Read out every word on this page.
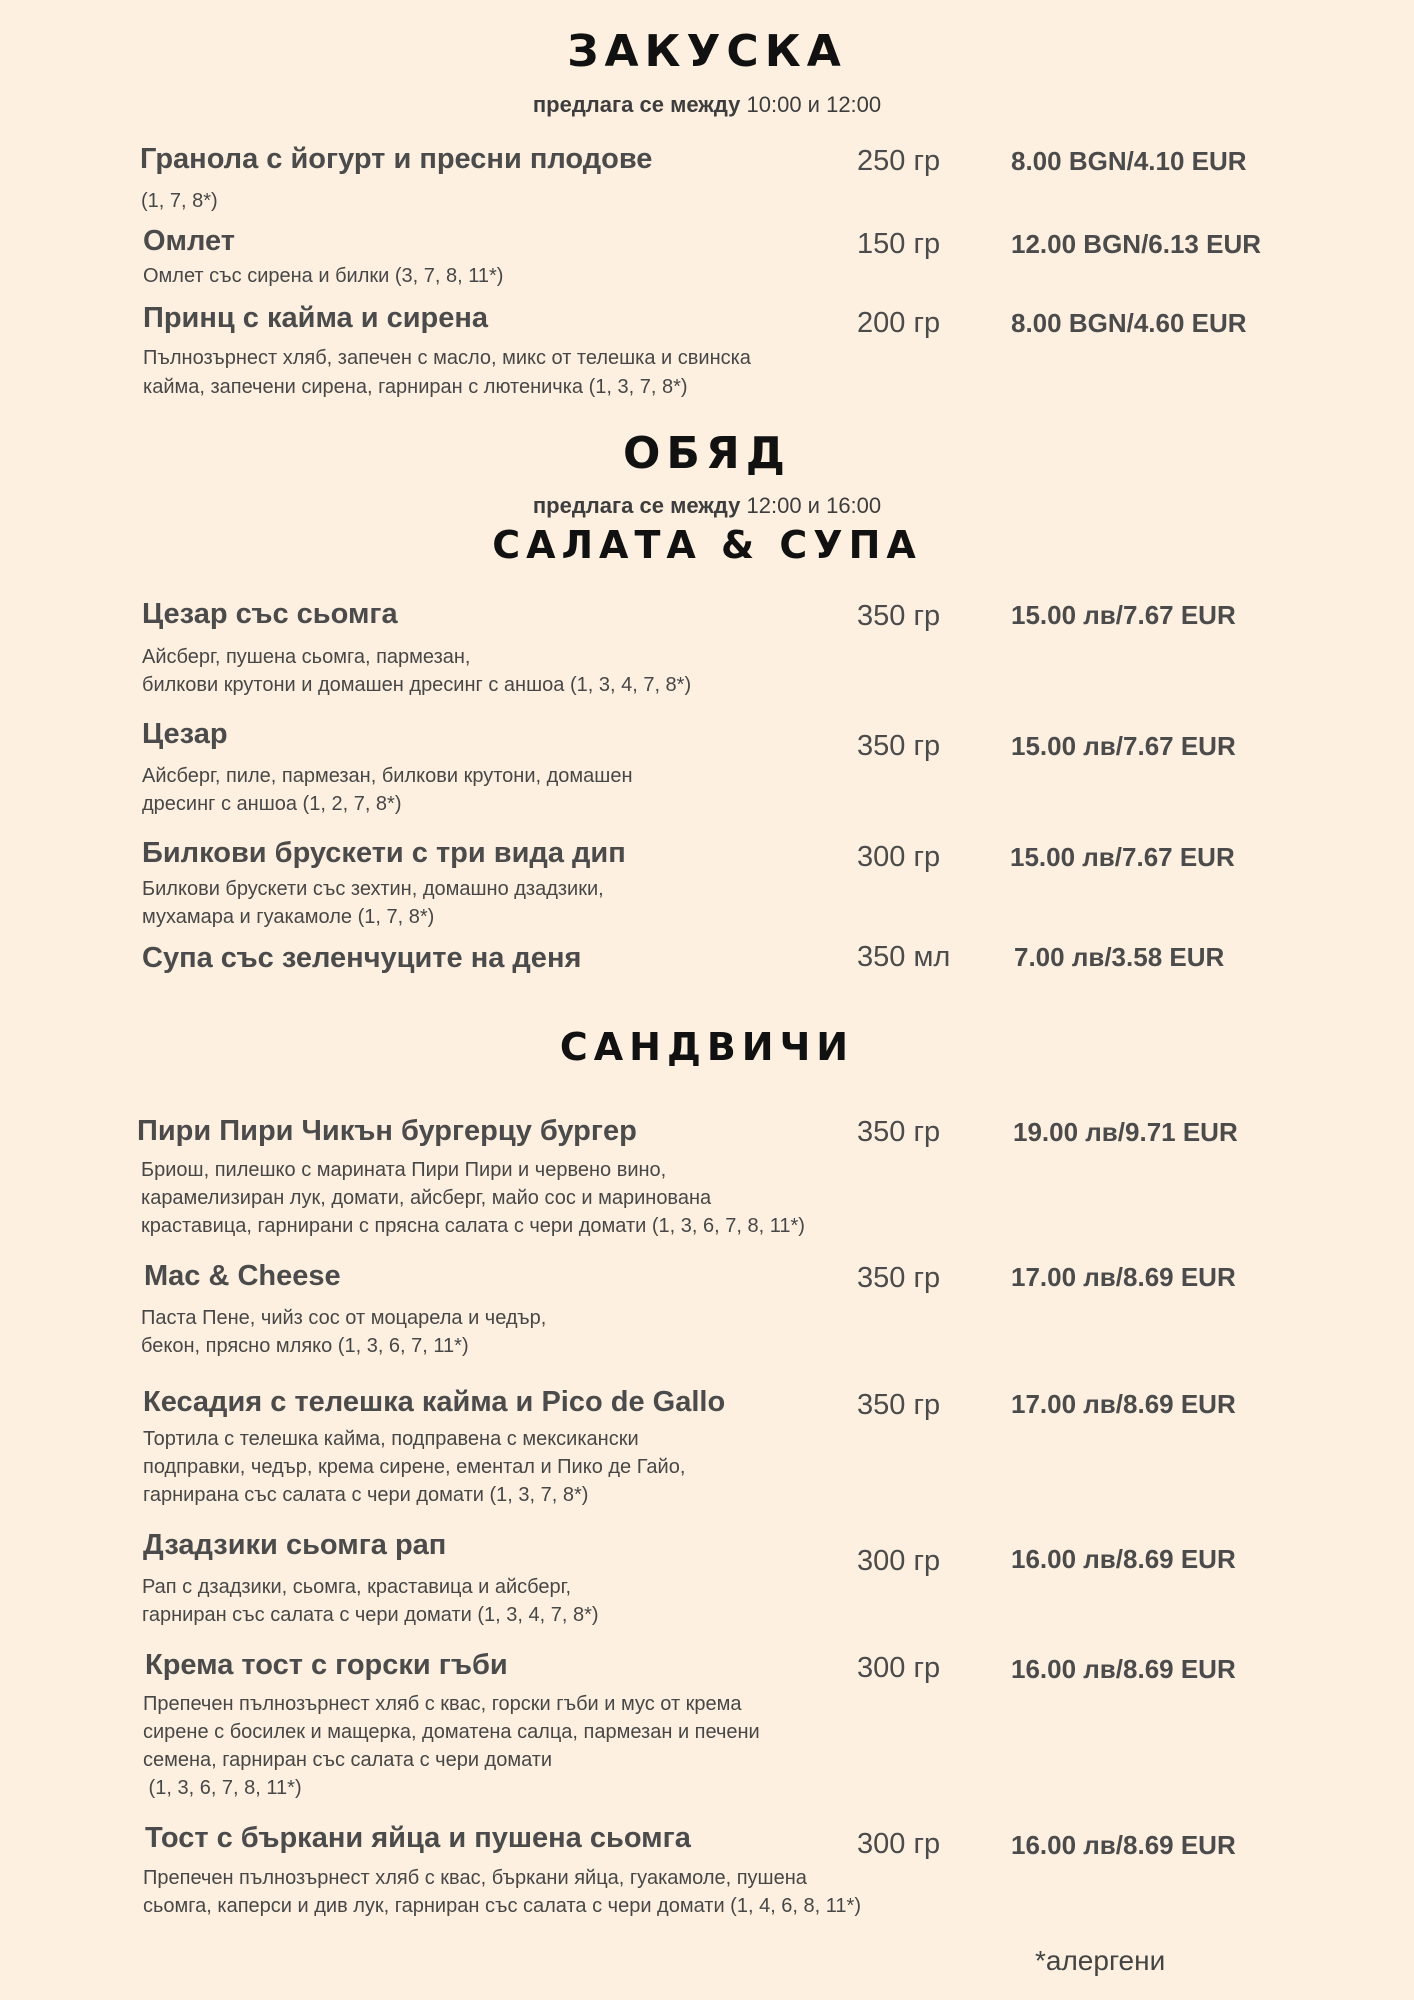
ЗАКУСКА
предлага се между 10:00 и 12:00
Гранола с йогурт и пресни плодове	250 гр	8.00 BGN/4.10 EUR
(1, 7, 8*)
Омлет	150 гр	12.00 BGN/6.13 EUR
Омлет със сирена и билки (3, 7, 8, 11*)
Принц с кайма и сирена	200 гр	8.00 BGN/4.60 EUR
Пълнозърнест хляб, запечен с масло, микс от телешка и свинска
кайма, запечени сирена, гарниран с лютеничка (1, 3, 7, 8*)
ОБЯД
предлага се между 12:00 и 16:00
САЛАТА & СУПА
Цезар със сьомга	350 гр	15.00 лв/7.67 EUR
Айсберг, пушена сьомга, пармезан,
билкови крутони и домашен дресинг с аншоа (1, 3, 4, 7, 8*)
Цезар	350 гр	15.00 лв/7.67 EUR
Айсберг, пиле, пармезан, билкови крутони, домашен
дресинг с аншоа (1, 2, 7, 8*)
Билкови брускети с три вида дип	300 гр	15.00 лв/7.67 EUR
Билкови брускети със зехтин, домашно дзадзики,
мухамара и гуакамоле (1, 7, 8*)
Супа със зеленчуците на деня	350 мл 7.00 лв/3.58 EUR
САНДВИЧИ
Пири Пири Чикън бургерцу бургер	350 гр	19.00 лв/9.71 EUR
Бриош, пилешко с марината Пири Пири и червено вино,
карамелизиран лук, домати, айсберг, майо сос и маринована
краставица, гарнирани с прясна салата с чери домати (1, 3, 6, 7, 8, 11*)
Mac & Cheese	350 гр	17.00 лв/8.69 EUR
Паста Пене, чийз сос от моцарела и чедър,
бекон, прясно мляко (1, 3, 6, 7, 11*)
Кесадия с телешка кайма и Pico de Gallo	350 гр	17.00 лв/8.69 EUR
Тортила с телешка кайма, подправена с мексикански
подправки, чедър, крема сирене, ементал и Пико де Гайо,
гарнирана със салата с чери домати (1, 3, 7, 8*)
Дзадзики сьомга рап	300 гр	16.00 лв/8.69 EUR
Рап с дзадзики, сьомга, краставица и айсберг,
гарниран със салата с чери домати (1, 3, 4, 7, 8*)
Крема тост с горски гъби	300 гр	16.00 лв/8.69 EUR
Препечен пълнозърнест хляб с квас, горски гъби и мус от крема
сирене с босилек и мащерка, доматена салца, пармезан и печени
семена, гарниран със салата с чери домати
(1, 3, 6, 7, 8, 11*)
Тост с бъркани яйца и пушена сьомга	300 гр	16.00 лв/8.69 EUR
Препечен пълнозърнест хляб с квас, бъркани яйца, гуакамоле, пушена
сьомга, каперси и див лук, гарниран със салата с чери домати (1, 4, 6, 8, 11*)
*алергени
